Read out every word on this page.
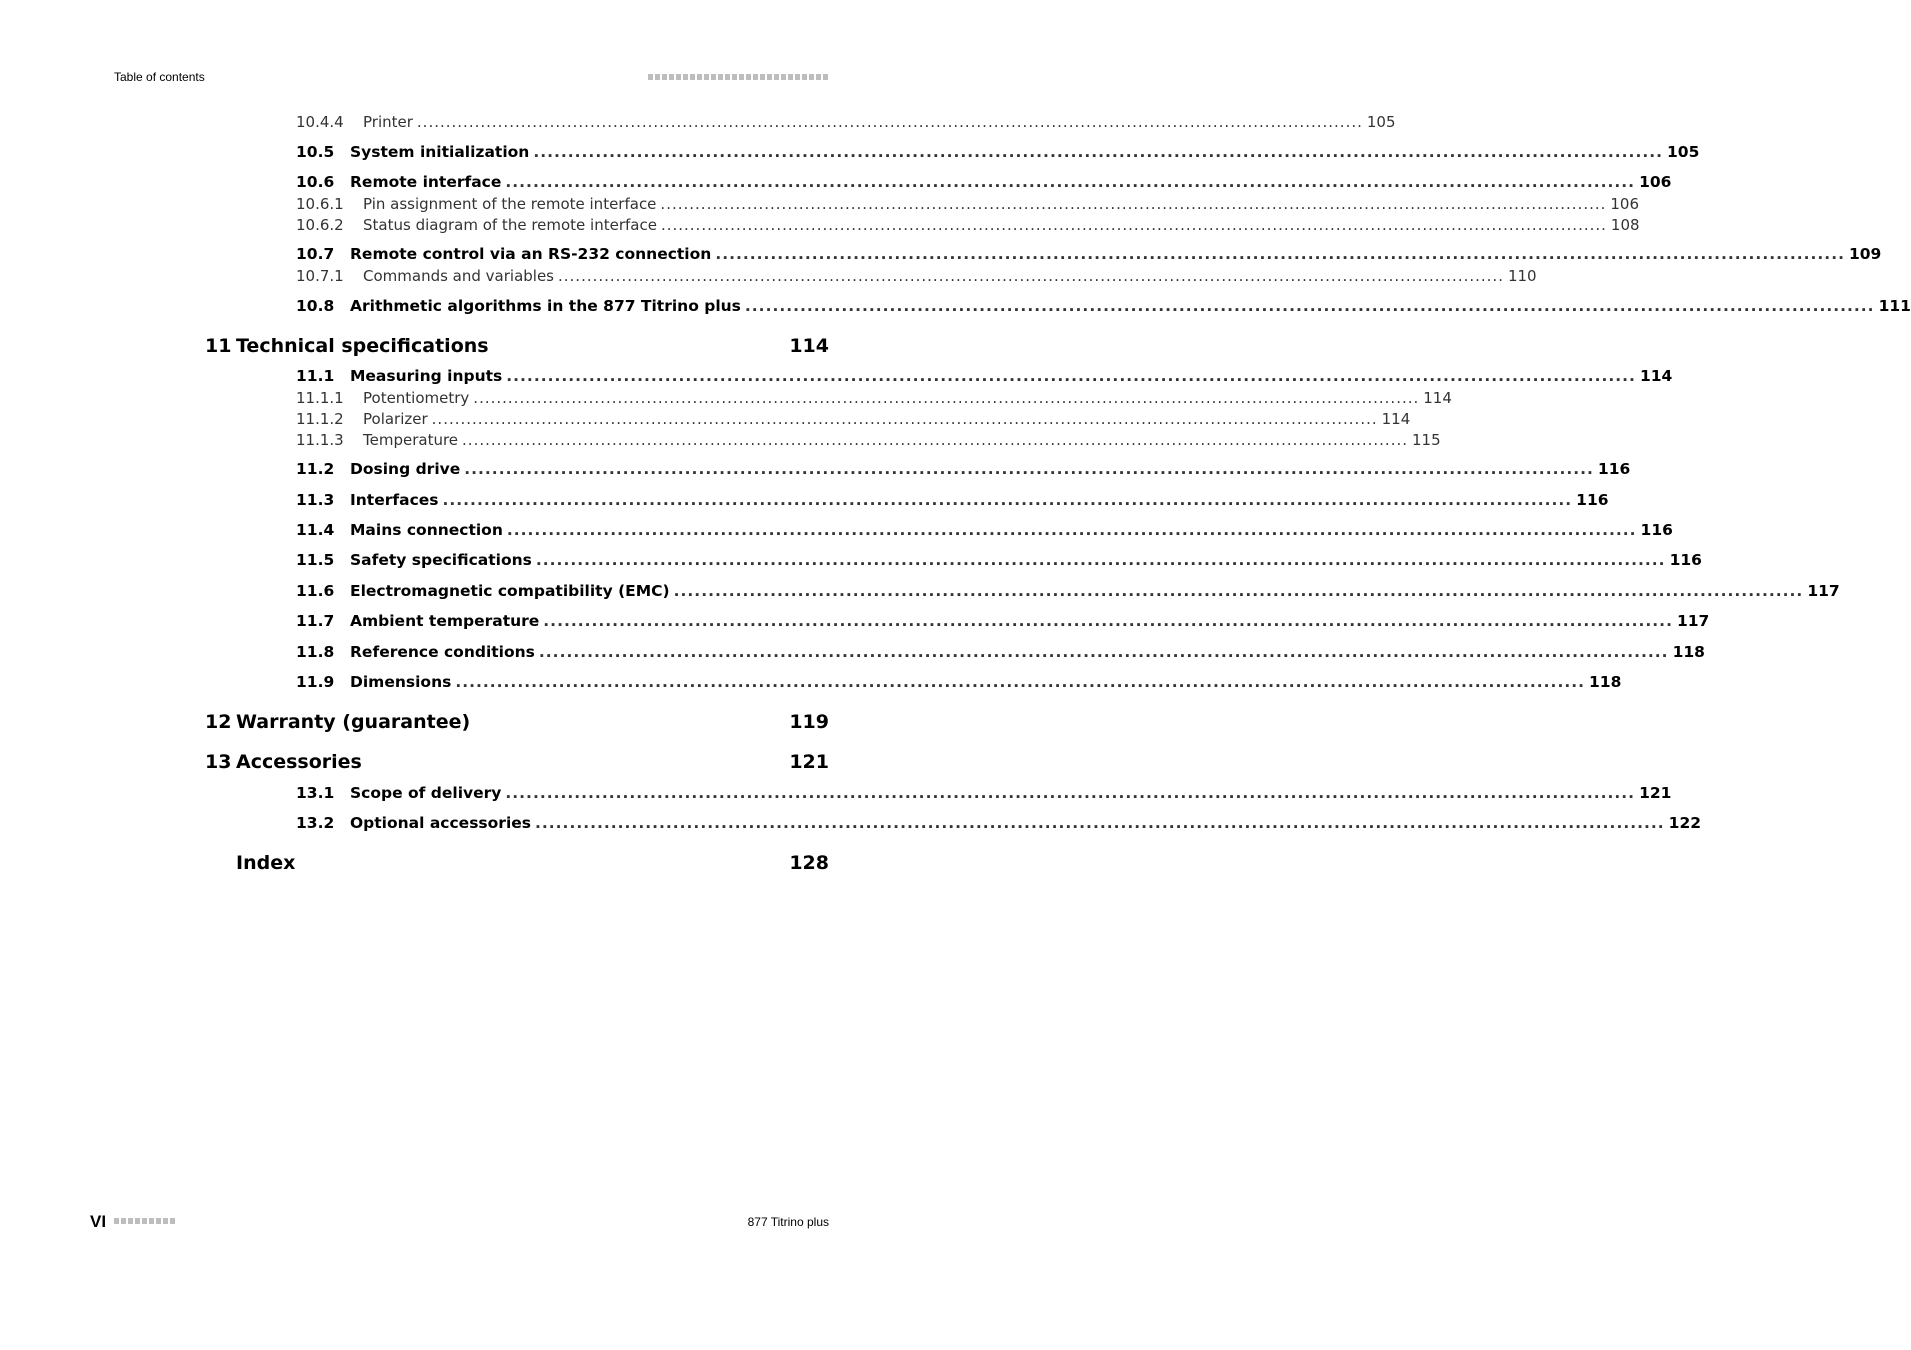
Table of contents
10.4.4 Printer .................................................................................................................................................................... 105
10.5 System initialization .................................................................................................................................................................... 105
10.6 Remote interface .................................................................................................................................................................... 106
10.6.1 Pin assignment of the remote interface .................................................................................................................................................................... 106
10.6.2 Status diagram of the remote interface .................................................................................................................................................................... 108
10.7 Remote control via an RS-232 connection .................................................................................................................................................................... 109
10.7.1 Commands and variables .................................................................................................................................................................... 110
10.8 Arithmetic algorithms in the 877 Titrino plus .................................................................................................................................................................... 111
11 Technical specifications	114
11.1 Measuring inputs .................................................................................................................................................................... 114
11.1.1 Potentiometry .................................................................................................................................................................... 114
11.1.2 Polarizer .................................................................................................................................................................... 114
11.1.3 Temperature .................................................................................................................................................................... 115
11.2 Dosing drive .................................................................................................................................................................... 116
11.3 Interfaces .................................................................................................................................................................... 116
11.4 Mains connection .................................................................................................................................................................... 116
11.5 Safety specifications .................................................................................................................................................................... 116
11.6 Electromagnetic compatibility (EMC) .................................................................................................................................................................... 117
11.7 Ambient temperature .................................................................................................................................................................... 117
11.8 Reference conditions .................................................................................................................................................................... 118
11.9 Dimensions .................................................................................................................................................................... 118
12 Warranty (guarantee)	119
13 Accessories	121
13.1 Scope of delivery .................................................................................................................................................................... 121
13.2 Optional accessories .................................................................................................................................................................... 122
Index	128
VI	877 Titrino plus
